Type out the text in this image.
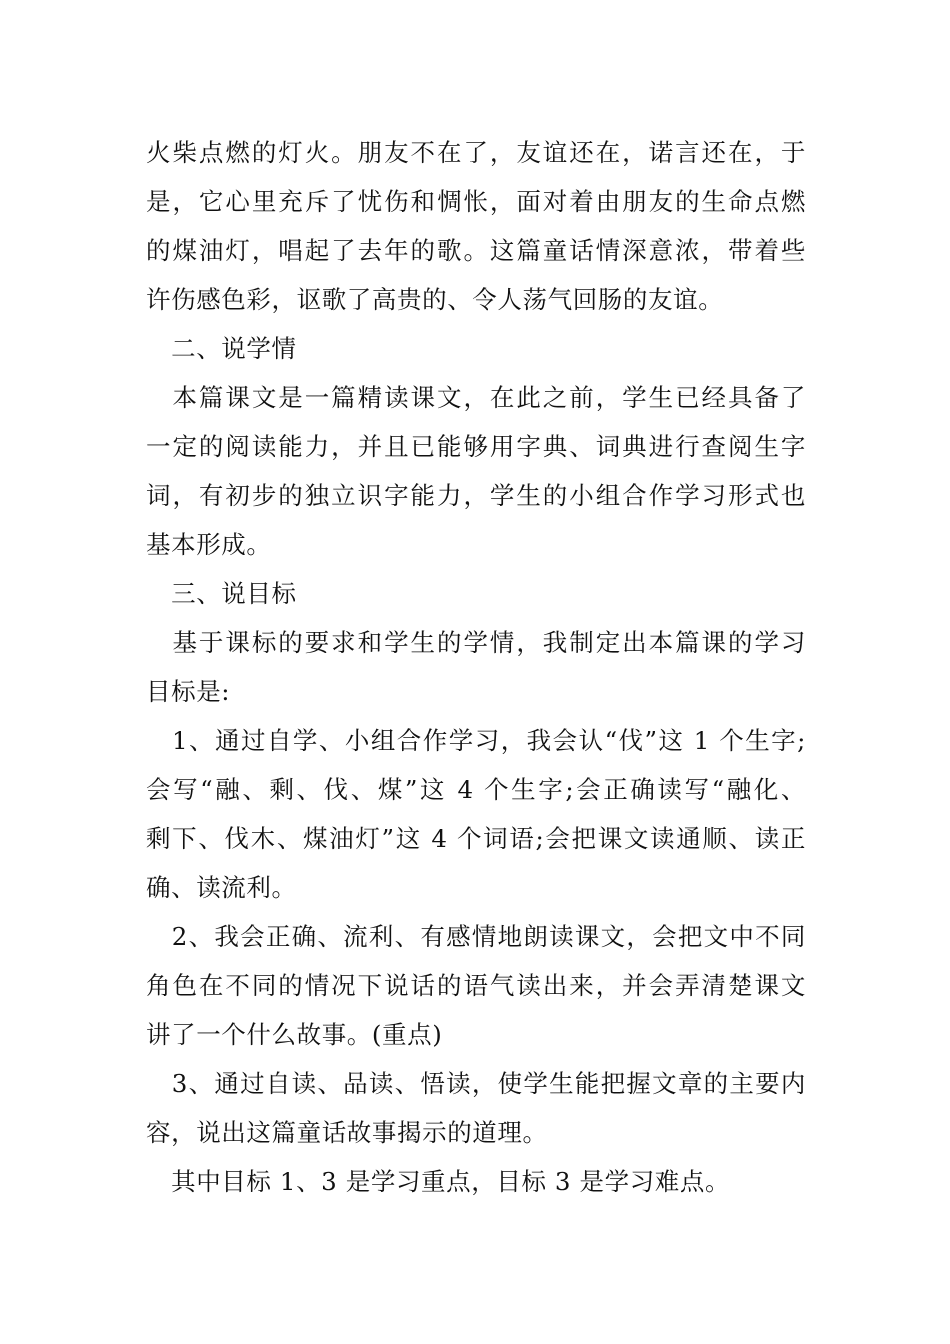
火柴点燃的灯火。朋友不在了，友谊还在，诺言还在，于
是，它心里充斥了忧伤和惆怅，面对着由朋友的生命点燃
的煤油灯，唱起了去年的歌。这篇童话情深意浓，带着些
许伤感色彩，讴歌了高贵的、令人荡气回肠的友谊。
　二、说学情
　本篇课文是一篇精读课文，在此之前，学生已经具备了
一定的阅读能力，并且已能够用字典、词典进行查阅生字
词，有初步的独立识字能力，学生的小组合作学习形式也
基本形成。
　三、说目标
　基于课标的要求和学生的学情，我制定出本篇课的学习
目标是:
　1、通过自学、小组合作学习，我会认“伐”这 1 个生字;
会写“融、剩、伐、煤”这 4 个生字;会正确读写“融化、
剩下、伐木、煤油灯”这 4 个词语;会把课文读通顺、读正
确、读流利。
　2、我会正确、流利、有感情地朗读课文，会把文中不同
角色在不同的情况下说话的语气读出来，并会弄清楚课文
讲了一个什么故事。(重点)
　3、通过自读、品读、悟读，使学生能把握文章的主要内
容，说出这篇童话故事揭示的道理。
　其中目标 1、3 是学习重点，目标 3 是学习难点。
